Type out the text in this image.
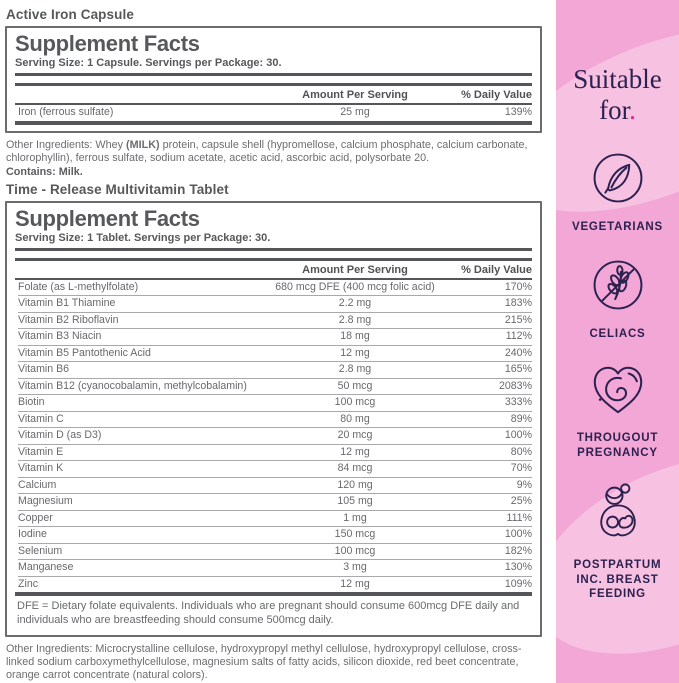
Active Iron Capsule
Supplement Facts
Serving Size: 1 Capsule. Servings per Package: 30.
Amount Per Serving	% Daily Value
Iron (ferrous sulfate)	25 mg	139%
Other Ingredients: Whey (MILK) protein, capsule shell (hypromellose, calcium phosphate, calcium carbonate, chlorophyllin), ferrous sulfate, sodium acetate, acetic acid, ascorbic acid, polysorbate 20.
Contains: Milk.
Time - Release Multivitamin Tablet
Supplement Facts
Serving Size: 1 Tablet. Servings per Package: 30.
Amount Per Serving	% Daily Value
Folate (as L-methylfolate)	680 mcg DFE (400 mcg folic acid)	170%
Vitamin B1 Thiamine	2.2 mg	183%
Vitamin B2 Riboflavin	2.8 mg	215%
Vitamin B3 Niacin	18 mg	112%
Vitamin B5 Pantothenic Acid	12 mg	240%
Vitamin B6	2.8 mg	165%
Vitamin B12 (cyanocobalamin, methylcobalamin)	50 mcg	2083%
Biotin	100 mcg	333%
Vitamin C	80 mg	89%
Vitamin D (as D3)	20 mcg	100%
Vitamin E	12 mg	80%
Vitamin K	84 mcg	70%
Calcium	120 mg	9%
Magnesium	105 mg	25%
Copper	1 mg	111%
Iodine	150 mcg	100%
Selenium	100 mcg	182%
Manganese	3 mg	130%
Zinc	12 mg	109%
DFE = Dietary folate equivalents. Individuals who are pregnant should consume 600mcg DFE daily and individuals who are breastfeeding should consume 500mcg daily.
Other Ingredients: Microcrystalline cellulose, hydroxypropyl methyl cellulose, hydroxypropyl cellulose, cross-linked sodium carboxymethylcellulose, magnesium salts of fatty acids, silicon dioxide, red beet concentrate, orange carrot concentrate (natural colors).
Suitable
for.
VEGETARIANS
CELIACS
THROUGOUT PREGNANCY
POSTPARTUM INC. BREAST FEEDING
